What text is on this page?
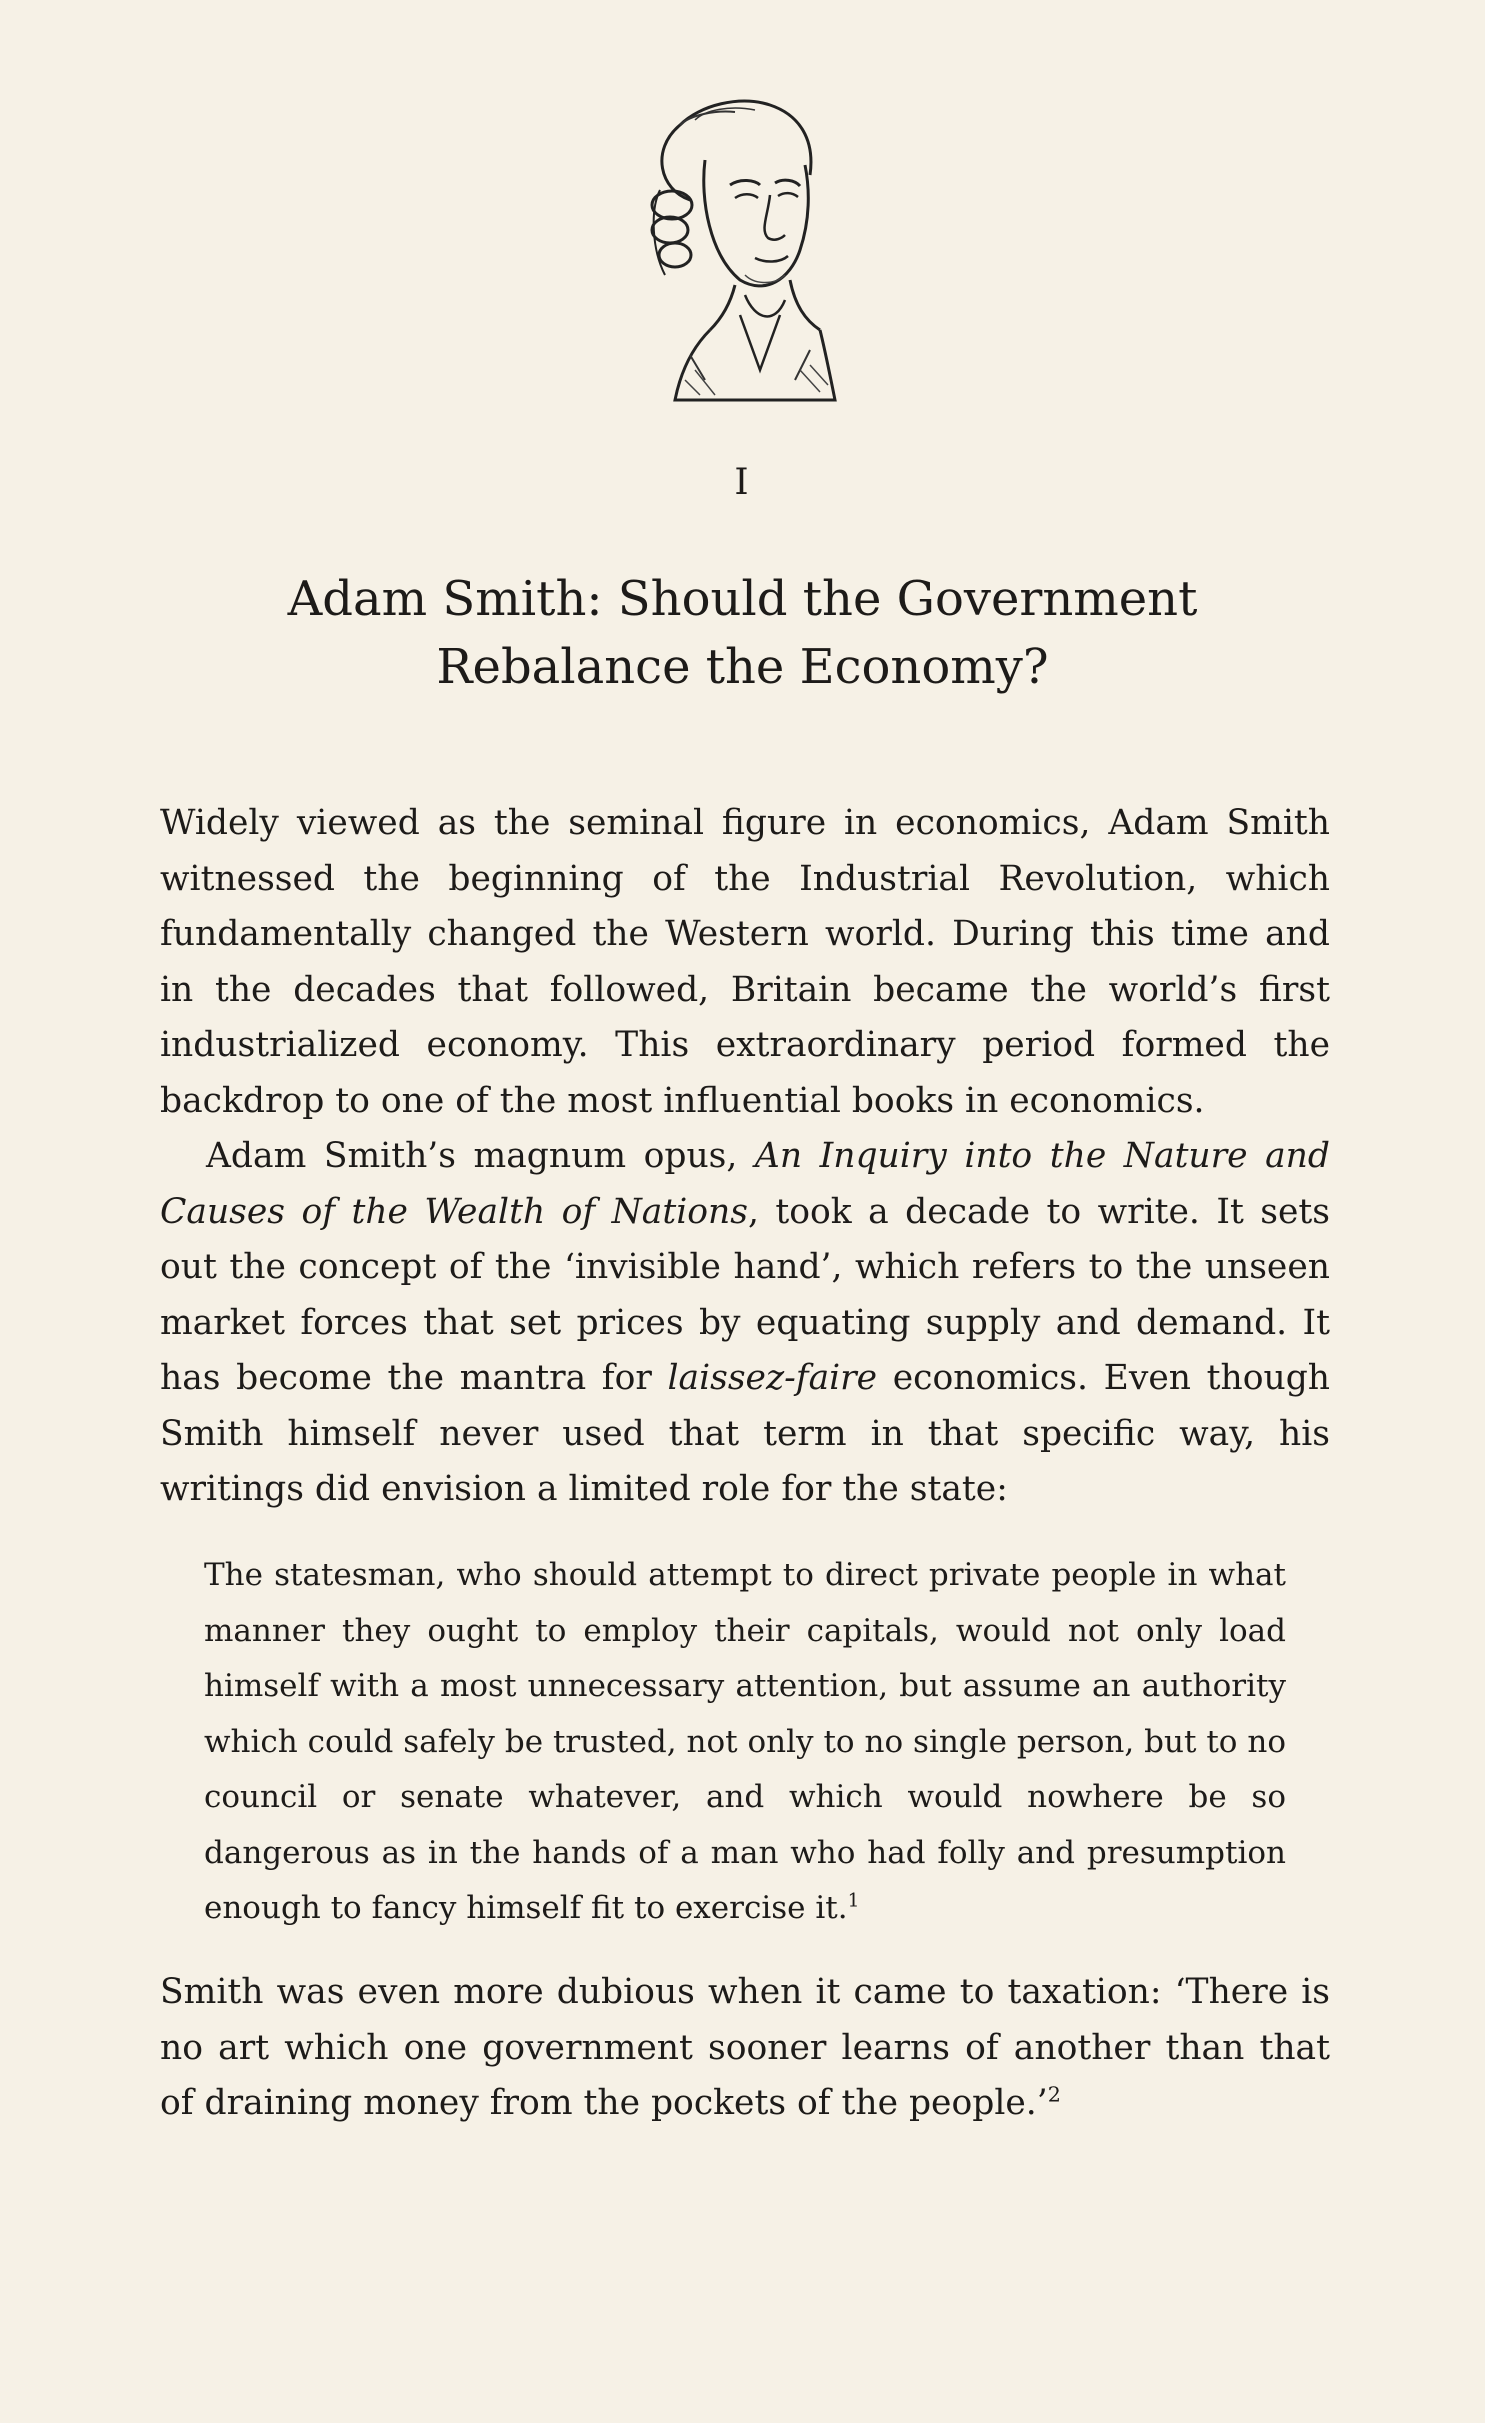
I
Adam Smith: Should the Government
Rebalance the Economy?

Widely viewed as the seminal figure in economics, Adam Smith witnessed the beginning of the Industrial Revolution, which fundamentally changed the Western world. During this time and in the decades that followed, Britain became the world’s first industrialized economy. This extraordinary period formed the backdrop to one of the most influential books in economics.

Adam Smith’s magnum opus, An Inquiry into the Nature and Causes of the Wealth of Nations, took a decade to write. It sets out the concept of the ‘invisible hand’, which refers to the unseen market forces that set prices by equating supply and demand. It has become the mantra for laissez-faire economics. Even though Smith himself never used that term in that specific way, his writings did envision a limited role for the state:

The statesman, who should attempt to direct private people in what manner they ought to employ their capitals, would not only load himself with a most unnecessary attention, but assume an authority which could safely be trusted, not only to no single person, but to no council or senate whatever, and which would nowhere be so dangerous as in the hands of a man who had folly and presumption enough to fancy himself fit to exercise it.$^1$

Smith was even more dubious when it came to taxation: ‘There is no art which one government sooner learns of another than that of draining money from the pockets of the people.’$^2$
